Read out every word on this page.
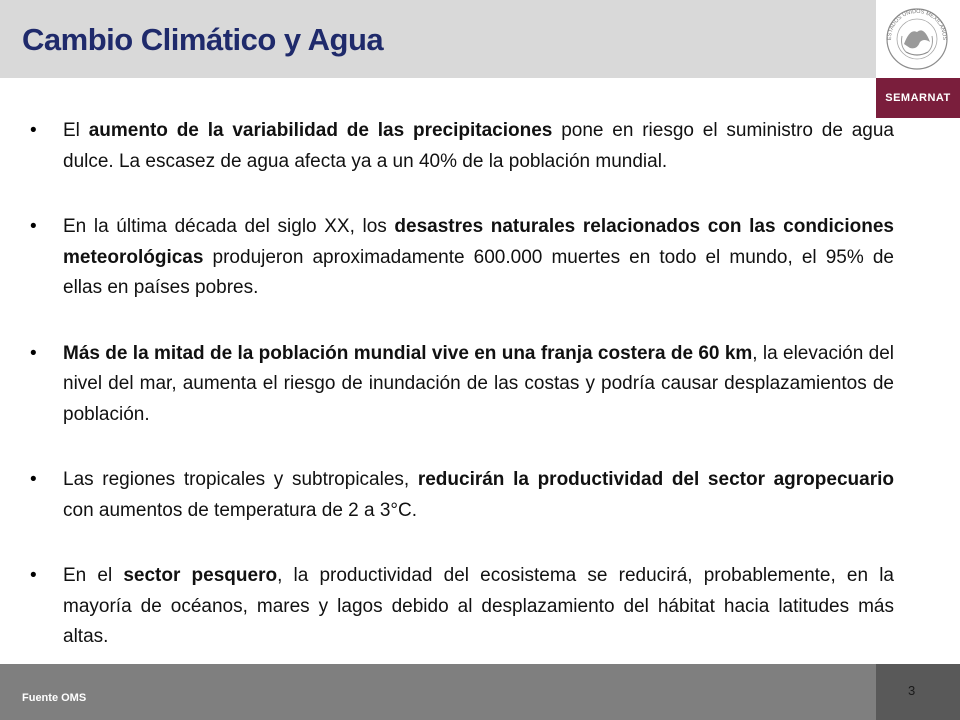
Cambio Climático y Agua	ESTADOS UNIDOS MEXICANOS
SEMARNAT
•	El aumento de la variabilidad de las precipitaciones pone en riesgo el suministro de agua dulce. La escasez de agua afecta ya a un 40% de la población mundial.
•	En la última década del siglo XX, los desastres naturales relacionados con las condiciones meteorológicas produjeron aproximadamente 600.000 muertes en todo el mundo, el 95% de ellas en países pobres.
•	Más de la mitad de la población mundial vive en una franja costera de 60 km, la elevación del nivel del mar, aumenta el riesgo de inundación de las costas y podría causar desplazamientos de población.
•	Las regiones tropicales y subtropicales, reducirán la productividad del sector agropecuario con aumentos de temperatura de 2 a 3°C.
•	En el sector pesquero, la productividad del ecosistema se reducirá, probablemente, en la mayoría de océanos, mares y lagos debido al desplazamiento del hábitat hacia latitudes más altas.
Fuente OMS	3
